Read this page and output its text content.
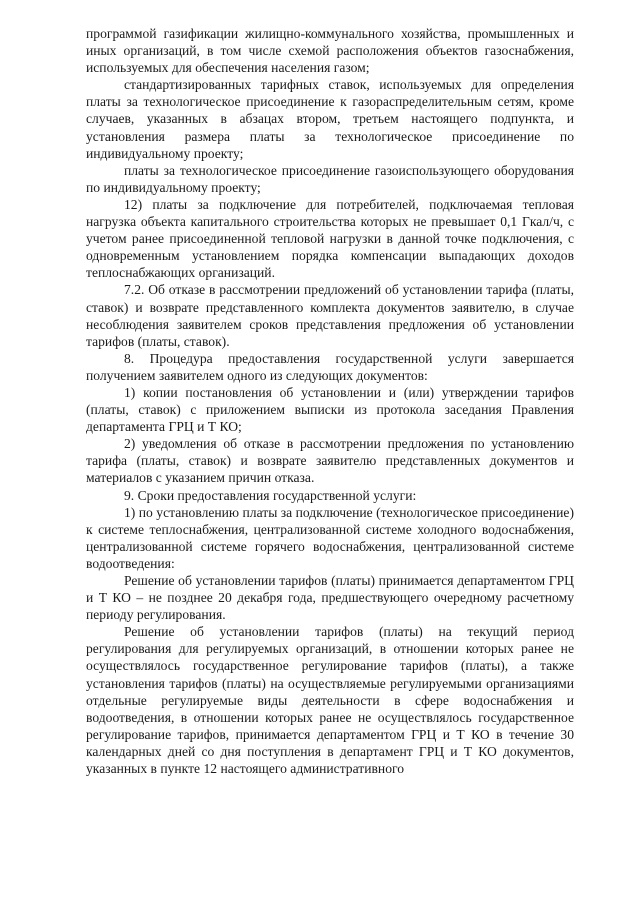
программой газификации жилищно-коммунального хозяйства, промышленных и иных организаций, в том числе схемой расположения объектов газоснабжения, используемых для обеспечения населения газом;

стандартизированных тарифных ставок, используемых для определения платы за технологическое присоединение к газораспределительным сетям, кроме случаев, указанных в абзацах втором, третьем настоящего подпункта, и установления размера платы за технологическое присоединение по индивидуальному проекту;

платы за технологическое присоединение газоиспользующего оборудования по индивидуальному проекту;

12) платы за подключение для потребителей, подключаемая тепловая нагрузка объекта капитального строительства которых не превышает 0,1 Гкал/ч, с учетом ранее присоединенной тепловой нагрузки в данной точке подключения, с одновременным установлением порядка компенсации выпадающих доходов теплоснабжающих организаций.

7.2. Об отказе в рассмотрении предложений об установлении тарифа (платы, ставок) и возврате представленного комплекта документов заявителю, в случае несоблюдения заявителем сроков представления предложения об установлении тарифов (платы, ставок).

8. Процедура предоставления государственной услуги завершается получением заявителем одного из следующих документов:

1) копии постановления об установлении и (или) утверждении тарифов (платы, ставок) с приложением выписки из протокола заседания Правления департамента ГРЦ и Т КО;

2) уведомления об отказе в рассмотрении предложения по установлению тарифа (платы, ставок) и возврате заявителю представленных документов и материалов с указанием причин отказа.

9. Сроки предоставления государственной услуги:

1) по установлению платы за подключение (технологическое присоединение) к системе теплоснабжения, централизованной системе холодного водоснабжения, централизованной системе горячего водоснабжения, централизованной системе водоотведения:

Решение об установлении тарифов (платы) принимается департаментом ГРЦ и Т КО – не позднее 20 декабря года, предшествующего очередному расчетному периоду регулирования.

Решение об установлении тарифов (платы) на текущий период регулирования для регулируемых организаций, в отношении которых ранее не осуществлялось государственное регулирование тарифов (платы), а также установления тарифов (платы) на осуществляемые регулируемыми организациями отдельные регулируемые виды деятельности в сфере водоснабжения и водоотведения, в отношении которых ранее не осуществлялось государственное регулирование тарифов, принимается департаментом ГРЦ и Т КО в течение 30 календарных дней со дня поступления в департамент ГРЦ и Т КО документов, указанных в пункте 12 настоящего административного
